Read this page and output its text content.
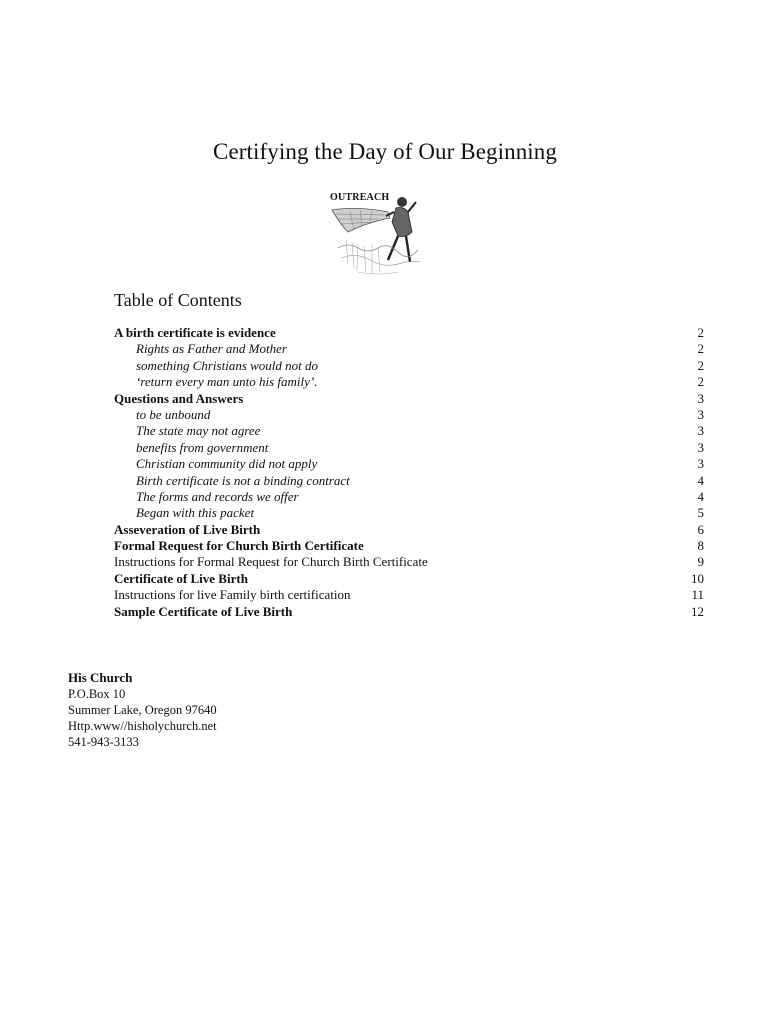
Certifying the Day of Our Beginning
OUTREACH
Table of Contents
A birth certificate is evidence	2
Rights as Father and Mother	2
something Christians would not do	2
‘return every man unto his family’.	2
Questions and Answers	3
to be unbound	3
The state may not agree	3
benefits from government	3
Christian community did not apply	3
Birth certificate is not a binding contract	4
The forms and records we offer	4
Began with this packet	5
Asseveration of Live Birth	6
Formal Request for Church Birth Certificate	8
Instructions for Formal Request for Church Birth Certificate	9
Certificate of Live Birth	10
Instructions for live Family birth certification	11
Sample Certificate of Live Birth	12
His Church
P.O.Box 10
Summer Lake, Oregon 97640
Http.www//hisholychurch.net
541-943-3133
